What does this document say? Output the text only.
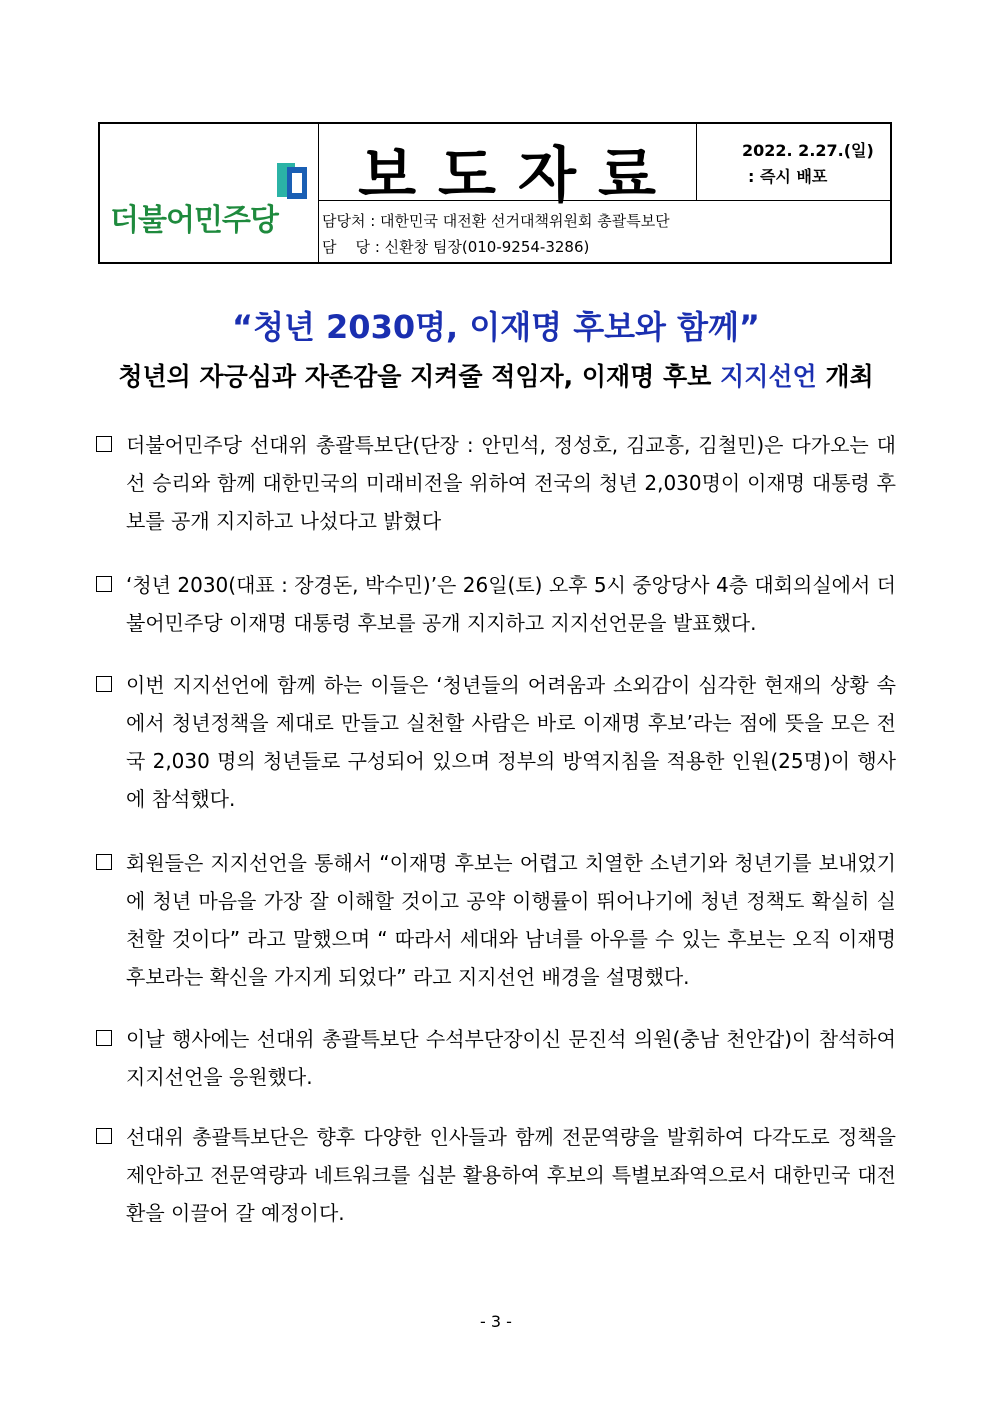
더불어민주당
보도자료	2022. 2.27.(일)
: 즉시 배포
담당처 : 대한민국 대전환 선거대책위원회 총괄특보단
담    당 : 신환창 팀장(010-9254-3286)
“청년 2030명, 이재명 후보와 함께”
청년의 자긍심과 자존감을 지켜줄 적임자, 이재명 후보 지지선언 개최
더불어민주당 선대위 총괄특보단(단장 : 안민석, 정성호, 김교흥, 김철민)은 다가오는 대선 승리와 함께 대한민국의 미래비전을 위하여 전국의 청년 2,030명이 이재명 대통령 후보를 공개 지지하고 나섰다고 밝혔다
‘청년 2030(대표 : 장경돈, 박수민)’은 26일(토) 오후 5시 중앙당사 4층 대회의실에서 더불어민주당 이재명 대통령 후보를 공개 지지하고 지지선언문을 발표했다.
이번 지지선언에 함께 하는 이들은 ‘청년들의 어려움과 소외감이 심각한 현재의 상황 속에서 청년정책을 제대로 만들고 실천할 사람은 바로 이재명 후보’라는 점에 뜻을 모은 전국 2,030 명의 청년들로 구성되어 있으며 정부의 방역지침을 적용한 인원(25명)이 행사에 참석했다.
회원들은 지지선언을 통해서 “이재명 후보는 어렵고 치열한 소년기와 청년기를 보내었기에 청년 마음을 가장 잘 이해할 것이고 공약 이행률이 뛰어나기에 청년 정책도 확실히 실천할 것이다” 라고 말했으며 “ 따라서 세대와 남녀를 아우를 수 있는 후보는 오직 이재명 후보라는 확신을 가지게 되었다” 라고 지지선언 배경을 설명했다.
이날 행사에는 선대위 총괄특보단 수석부단장이신 문진석 의원(충남 천안갑)이 참석하여 지지선언을 응원했다.
선대위 총괄특보단은 향후 다양한 인사들과 함께 전문역량을 발휘하여 다각도로 정책을 제안하고 전문역량과 네트워크를 십분 활용하여 후보의 특별보좌역으로서 대한민국 대전환을 이끌어 갈 예정이다.
- 3 -
